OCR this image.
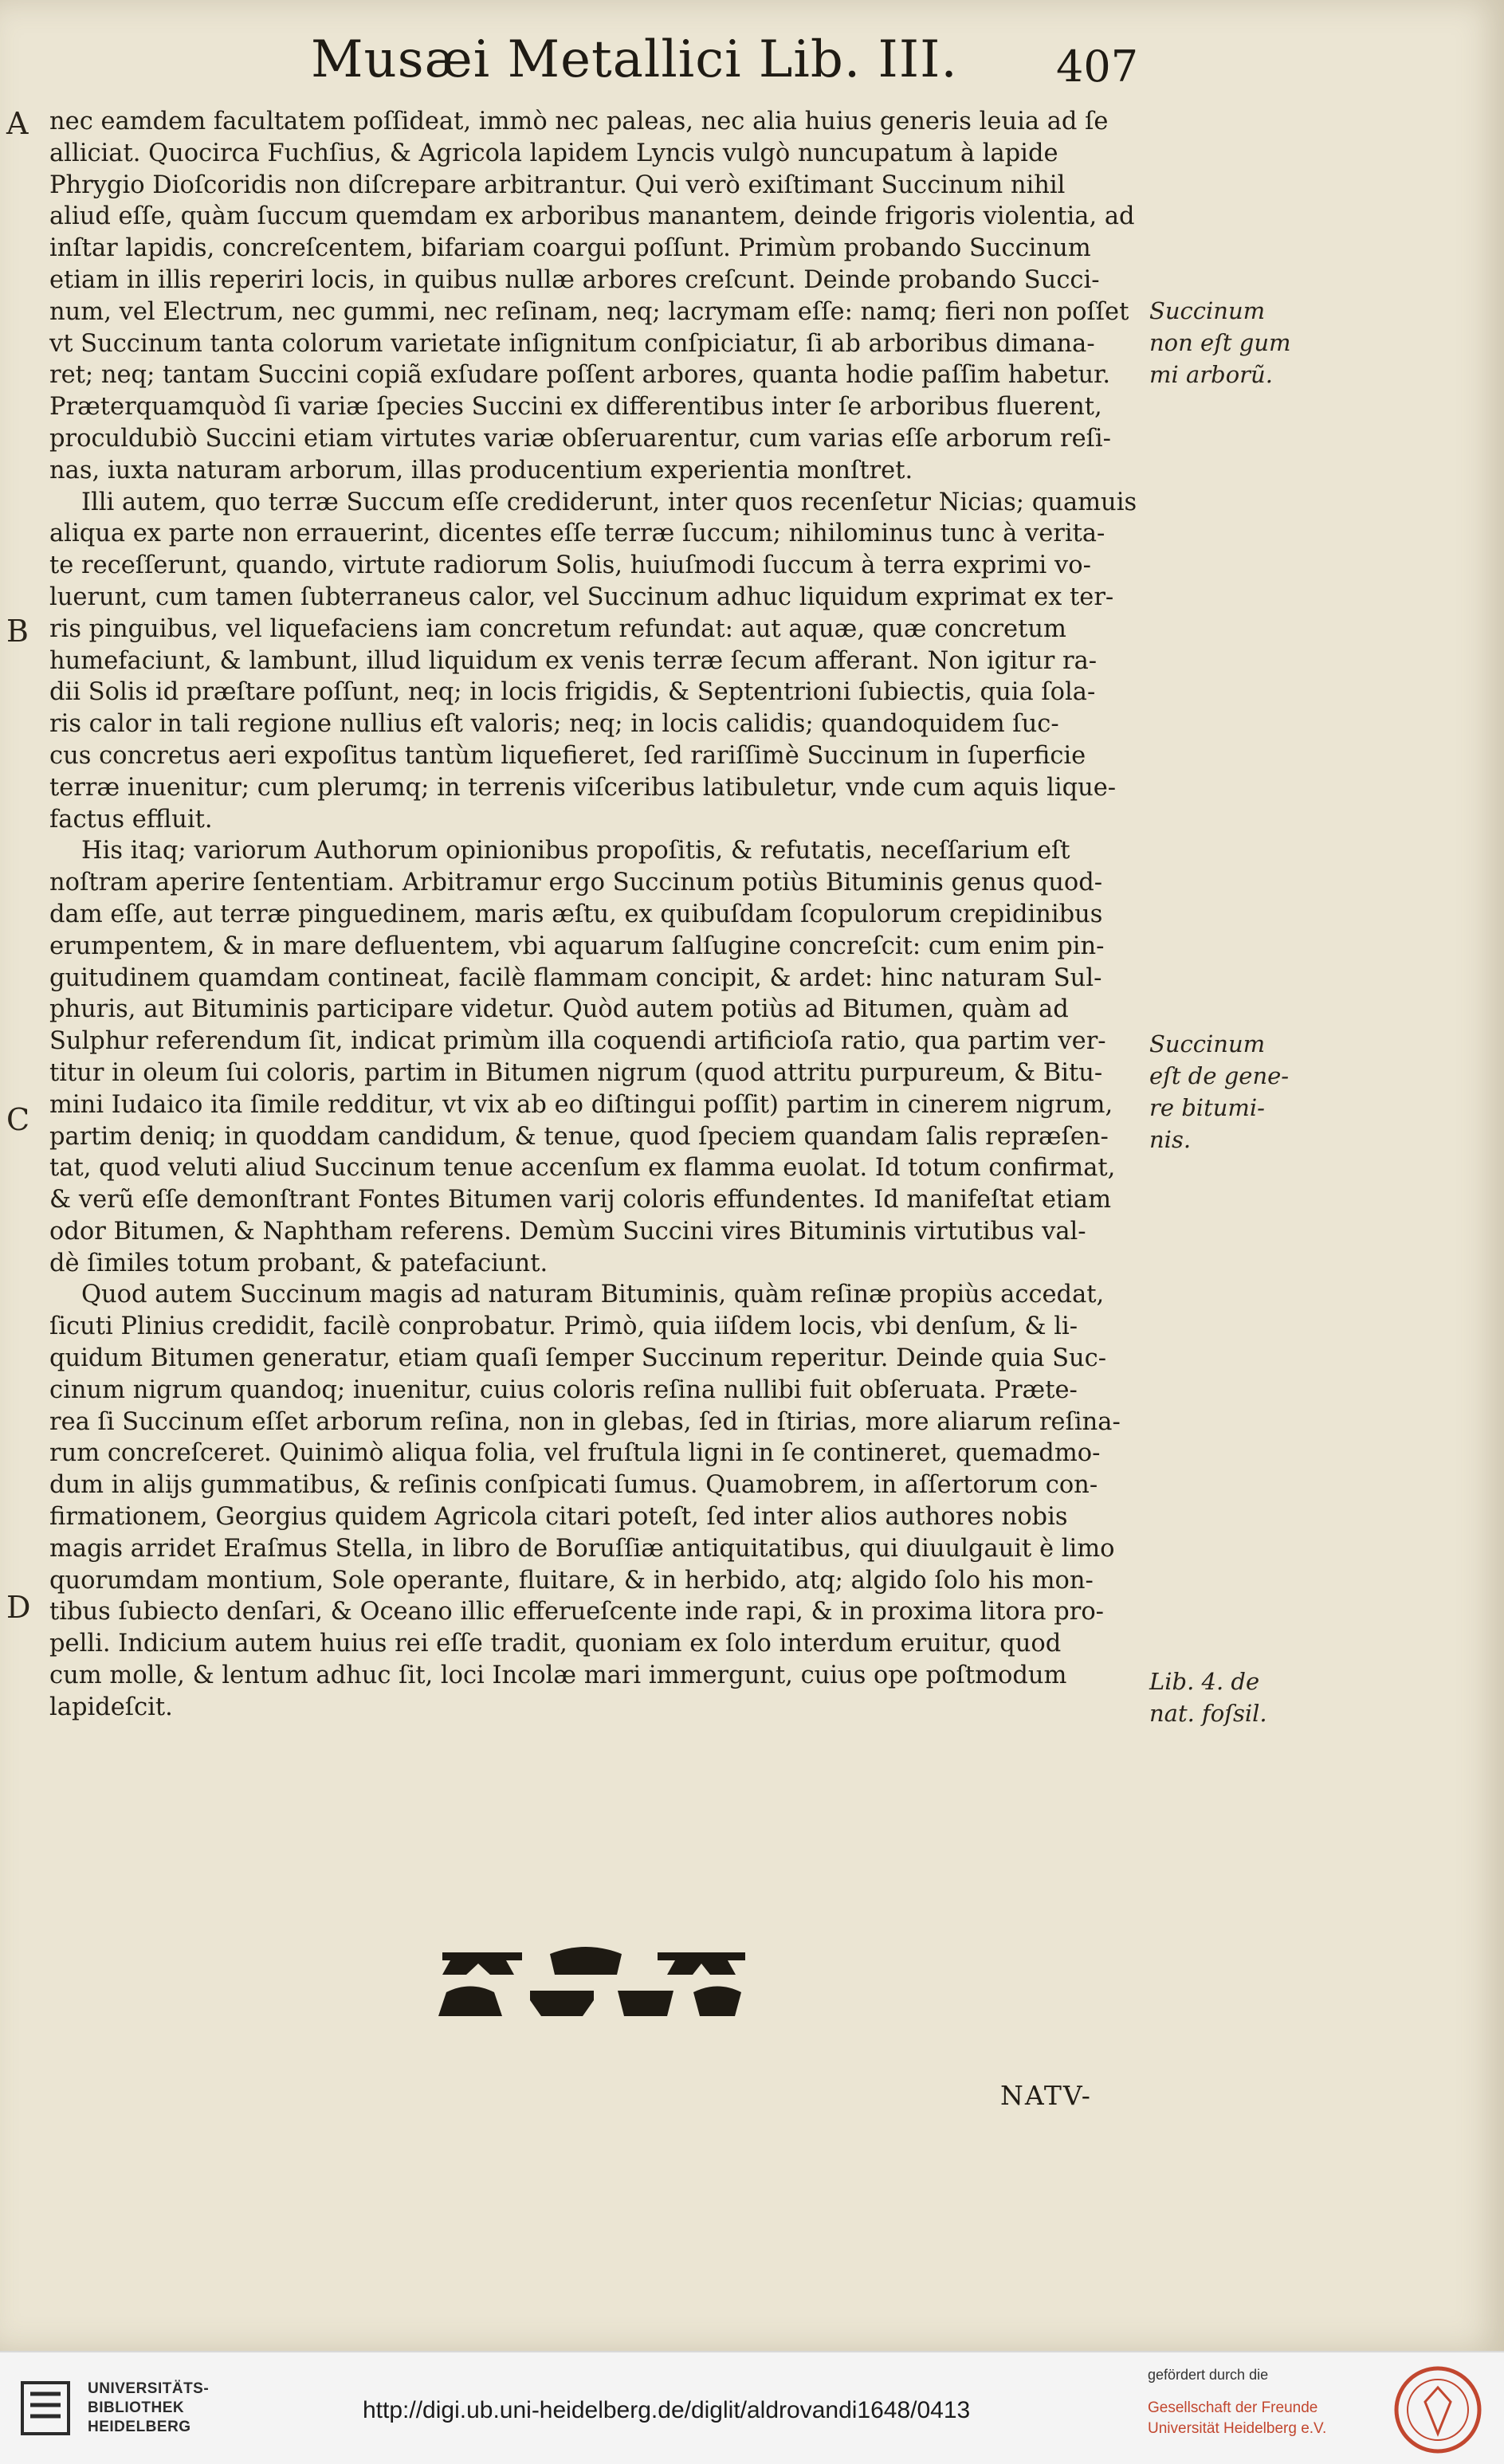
Musæi Metallici Lib. III. 407
A
B
C
D
nec eamdem facultatem poſſideat, immò nec paleas, nec alia huius generis leuia ad ſe
alliciat. Quocirca Fuchſius, & Agricola lapidem Lyncis vulgò nuncupatum à lapide
Phrygio Dioſcoridis non diſcrepare arbitrantur. Qui verò exiſtimant Succinum nihil
aliud eſſe, quàm ſuccum quemdam ex arboribus manantem, deinde frigoris violentia, ad
inſtar lapidis, concreſcentem, bifariam coargui poſſunt. Primùm probando Succinum
etiam in illis reperiri locis, in quibus nullæ arbores creſcunt. Deinde probando Succi-
num, vel Electrum, nec gummi, nec reſinam, neq; lacrymam eſſe: namq; fieri non poſſet
vt Succinum tanta colorum varietate inſignitum conſpiciatur, ſi ab arboribus dimana-
ret; neq; tantam Succini copiã exſudare poſſent arbores, quanta hodie paſſim habetur.
Præterquamquòd ſi variæ ſpecies Succini ex differentibus inter ſe arboribus fluerent,
proculdubiò Succini etiam virtutes variæ obſeruarentur, cum varias eſſe arborum reſi-
nas, iuxta naturam arborum, illas producentium experientia monſtret.
Illi autem, quo terræ Succum eſſe crediderunt, inter quos recenſetur Nicias; quamuis
aliqua ex parte non errauerint, dicentes eſſe terræ ſuccum; nihilominus tunc à verita-
te receſſerunt, quando, virtute radiorum Solis, huiuſmodi ſuccum à terra exprimi vo-
luerunt, cum tamen ſubterraneus calor, vel Succinum adhuc liquidum exprimat ex ter-
ris pinguibus, vel liquefaciens iam concretum refundat: aut aquæ, quæ concretum
humefaciunt, & lambunt, illud liquidum ex venis terræ ſecum afferant. Non igitur ra-
dii Solis id præſtare poſſunt, neq; in locis frigidis, & Septentrioni ſubiectis, quia ſola-
ris calor in tali regione nullius eſt valoris; neq; in locis calidis; quandoquidem ſuc-
cus concretus aeri expoſitus tantùm liquefieret, ſed rariſſimè Succinum in ſuperficie
terræ inuenitur; cum plerumq; in terrenis viſceribus latibuletur, vnde cum aquis lique-
factus effluit.
His itaq; variorum Authorum opinionibus propoſitis, & refutatis, neceſſarium eſt
noſtram aperire ſententiam. Arbitramur ergo Succinum potiùs Bituminis genus quod-
dam eſſe, aut terræ pinguedinem, maris æſtu, ex quibuſdam ſcopulorum crepidinibus
erumpentem, & in mare defluentem, vbi aquarum ſalſugine concreſcit: cum enim pin-
guitudinem quamdam contineat, facilè flammam concipit, & ardet: hinc naturam Sul-
phuris, aut Bituminis participare videtur. Quòd autem potiùs ad Bitumen, quàm ad
Sulphur referendum ſit, indicat primùm illa coquendi artificioſa ratio, qua partim ver-
titur in oleum ſui coloris, partim in Bitumen nigrum (quod attritu purpureum, & Bitu-
mini Iudaico ita ſimile redditur, vt vix ab eo diſtingui poſſit) partim in cinerem nigrum,
partim deniq; in quoddam candidum, & tenue, quod ſpeciem quandam ſalis repræſen-
tat, quod veluti aliud Succinum tenue accenſum ex flamma euolat. Id totum confirmat,
& verũ eſſe demonſtrant Fontes Bitumen varij coloris effundentes. Id manifeſtat etiam
odor Bitumen, & Naphtham referens. Demùm Succini vires Bituminis virtutibus val-
dè ſimiles totum probant, & patefaciunt.
Quod autem Succinum magis ad naturam Bituminis, quàm reſinæ propiùs accedat,
ſicuti Plinius credidit, facilè conprobatur. Primò, quia iiſdem locis, vbi denſum, & li-
quidum Bitumen generatur, etiam quaſi ſemper Succinum reperitur. Deinde quia Suc-
cinum nigrum quandoq; inuenitur, cuius coloris reſina nullibi fuit obſeruata. Præte-
rea ſi Succinum eſſet arborum reſina, non in glebas, ſed in ſtirias, more aliarum reſina-
rum concreſceret. Quinimò aliqua folia, vel fruſtula ligni in ſe contineret, quemadmo-
dum in alijs gummatibus, & reſinis conſpicati ſumus. Quamobrem, in aſſertorum con-
firmationem, Georgius quidem Agricola citari poteſt, ſed inter alios authores nobis
magis arridet Eraſmus Stella, in libro de Boruſſiæ antiquitatibus, qui diuulgauit è limo
quorumdam montium, Sole operante, fluitare, & in herbido, atq; algido ſolo his mon-
tibus ſubiecto denſari, & Oceano illic efferueſcente inde rapi, & in proxima litora pro-
pelli. Indicium autem huius rei eſſe tradit, quoniam ex ſolo interdum eruitur, quod
cum molle, & lentum adhuc ſit, loci Incolæ mari immergunt, cuius ope poſtmodum
lapideſcit.
Succinum
non eſt gum
mi arborũ.
Succinum
eſt de gene-
re bitumi-
nis.
Lib. 4. de
nat. foſsil.
NATV-
UNIVERSITÄTS-
BIBLIOTHEK
HEIDELBERG
http://digi.ub.uni-heidelberg.de/diglit/aldrovandi1648/0413
gefördert durch die
Gesellschaft der Freunde
Universität Heidelberg e.V.
